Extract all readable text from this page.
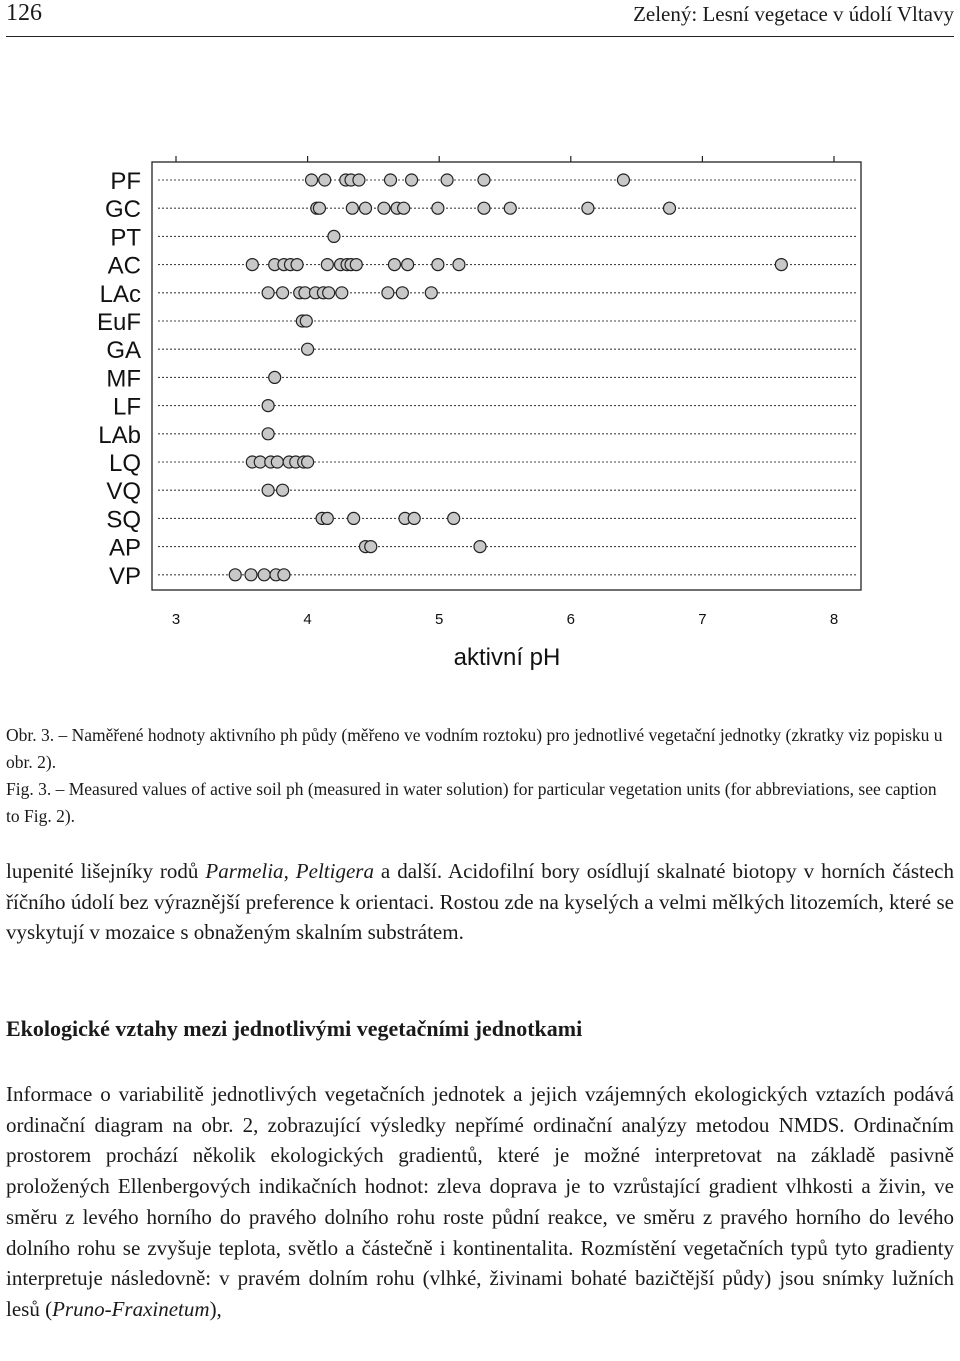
126	Zelený: Lesní vegetace v údolí Vltavy
PF
GC
PT
AC
LAc
EuF
GA
MF
LF
LAb
LQ
VQ
SQ
AP
VP
3	4	5	6	7	8
aktivní pH
Obr. 3. – Naměřené hodnoty aktivního ph půdy (měřeno ve vodním roztoku) pro jednotlivé vegetační jednotky (zkratky viz popisku u obr. 2).
Fig. 3. – Measured values of active soil ph (measured in water solution) for particular vegetation units (for abbreviations, see caption to Fig. 2).

lupenité lišejníky rodů Parmelia, Peltigera a další. Acidofilní bory osídlují skalnaté biotopy v horních částech říčního údolí bez výraznější preference k orientaci. Rostou zde na kyselých a velmi mělkých litozemích, které se vyskytují v mozaice s obnaženým skalním substrátem.

Ekologické vztahy mezi jednotlivými vegetačními jednotkami

Informace o variabilitě jednotlivých vegetačních jednotek a jejich vzájemných ekologických vztazích podává ordinační diagram na obr. 2, zobrazující výsledky nepřímé ordinační analýzy metodou NMDS. Ordinačním prostorem prochází několik ekologických gradientů, které je možné interpretovat na základě pasivně proložených Ellenbergových indikačních hodnot: zleva doprava je to vzrůstající gradient vlhkosti a živin, ve směru z levého horního do pravého dolního rohu roste půdní reakce, ve směru z pravého horního do levého dolního rohu se zvyšuje teplota, světlo a částečně i kontinentalita. Rozmístění vegetačních typů tyto gradienty interpretuje následovně: v pravém dolním rohu (vlhké, živinami bohaté bazičtější půdy) jsou snímky lužních lesů (Pruno-Fraxinetum),
